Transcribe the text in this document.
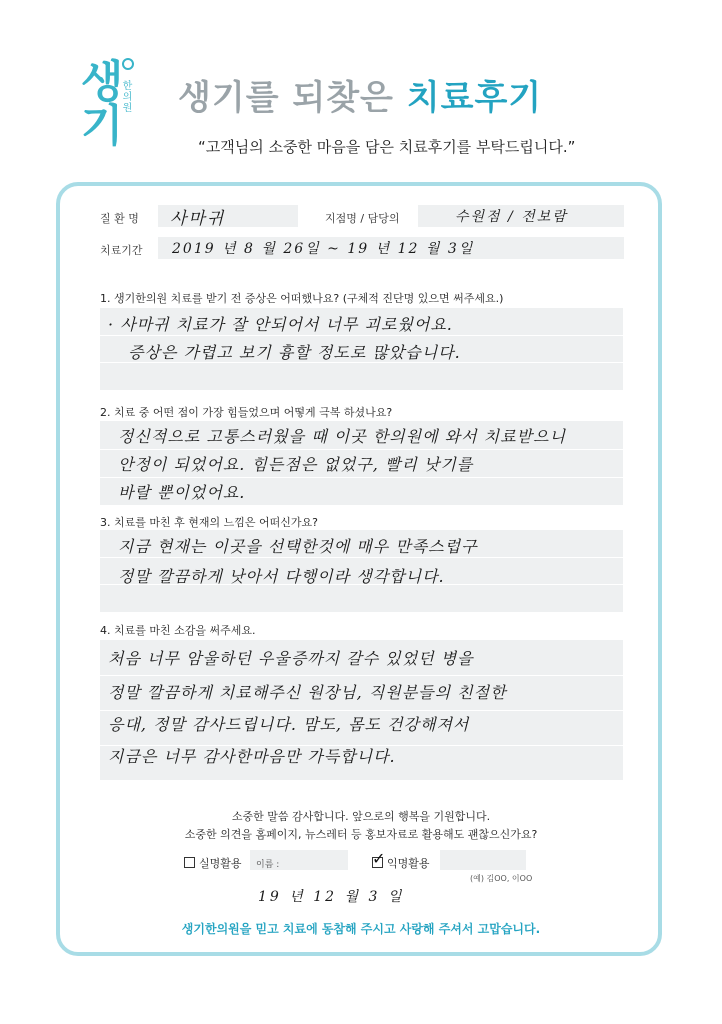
생기
한의원 생기를 되찾은 치료후기
“고객님의 소중한 마음을 담은 치료후기를 부탁드립니다.”
질 환 명 사마귀	지점명 / 담당의	수원점 / 전보람
치료기간 2019 년 8 월 26일 ~ 19 년 12 월 3일
1. 생기한의원 치료를 받기 전 증상은 어떠했나요? (구체적 진단명 있으면 써주세요.)
· 사마귀 치료가 잘 안되어서 너무 괴로웠어요.
증상은 가렵고 보기 흉할 정도로 많았습니다.
2. 치료 중 어떤 점이 가장 힘들었으며 어떻게 극복 하셨나요?
정신적으로 고통스러웠을 때 이곳 한의원에 와서 치료받으니
안정이 되었어요. 힘든점은 없었구, 빨리 낫기를
바랄 뿐이었어요.
3. 치료를 마친 후 현재의 느낌은 어떠신가요?
지금 현재는 이곳을 선택한것에 매우 만족스럽구
정말 깔끔하게 낫아서 다행이라 생각합니다.
4. 치료를 마친 소감을 써주세요.
처음 너무 암울하던 우울증까지 갈수 있었던 병을
정말 깔끔하게 치료해주신 원장님, 직원분들의 친절한
응대, 정말 감사드립니다. 맘도, 몸도 건강해져서
지금은 너무 감사한마음만 가득합니다.
소중한 말씀 감사합니다. 앞으로의 행복을 기원합니다.
소중한 의견을 홈페이지, 뉴스레터 등 홍보자료로 활용해도 괜찮으신가요?
실명활용 이름 :	✓ 익명활용
(예) 김OO, 이OO
19 년 12 월 3 일
생기한의원을 믿고 치료에 동참해 주시고 사랑해 주셔서 고맙습니다.
